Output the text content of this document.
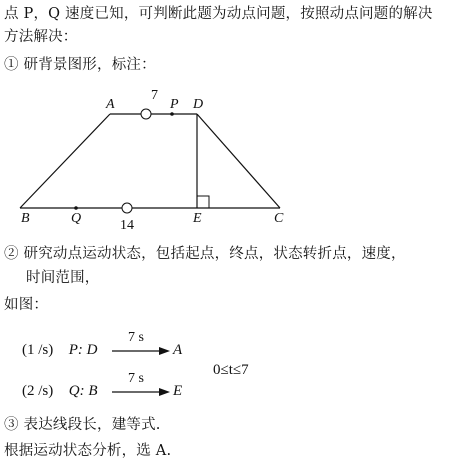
点 P，Q 速度已知，可判断此题为动点问题，按照动点问题的解决
方法解决：
① 研背景图形，标注：
A
7
P D
B	Q	14	E	C
② 研究动点运动状态，包括起点，终点，状态转折点，速度，
时间范围，
如图：
(1 /s) P: D
7 s
A
(2 /s) Q: B
7 s
E
0≤t≤7
③ 表达线段长，建等式.
根据运动状态分析，选 A.
